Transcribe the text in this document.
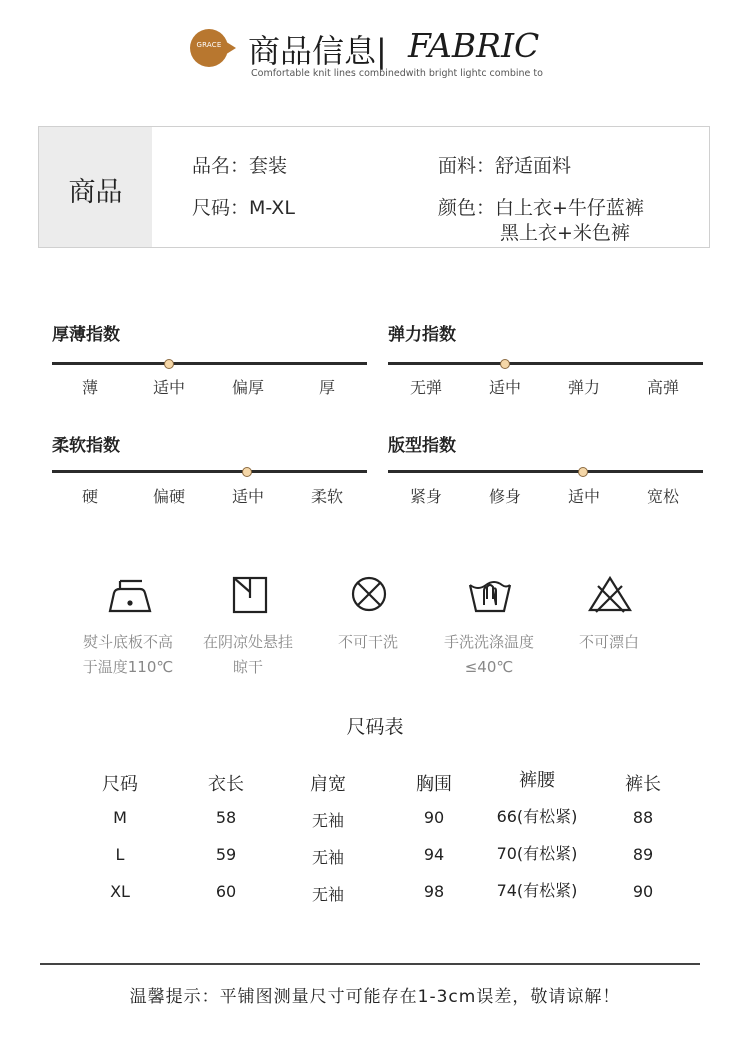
GRACE 商品信息| FABRIC
Comfortable knit lines combinedwith bright lightc combine to
商品
品名：套装
尺码：M-XL
面料：舒适面料
颜色：白上衣+牛仔蓝裤
黑上衣+米色裤
厚薄指数
薄	适中	偏厚	厚
弹力指数
无弹	适中	弹力	高弹
柔软指数
硬	偏硬	适中	柔软
版型指数
紧身	修身	适中	宽松
熨斗底板不高
于温度110℃
在阴凉处悬挂
晾干
不可干洗	手洗洗涤温度
≤40℃
不可漂白
尺码表
尺码	衣长	肩宽	胸围	裤腰	裤长
M	58	无袖	90	66(有松紧)	88
L	59	无袖	94	70(有松紧)	89
XL	60	无袖	98	74(有松紧)	90
温馨提示：平铺图测量尺寸可能存在1-3cm误差，敬请谅解！
